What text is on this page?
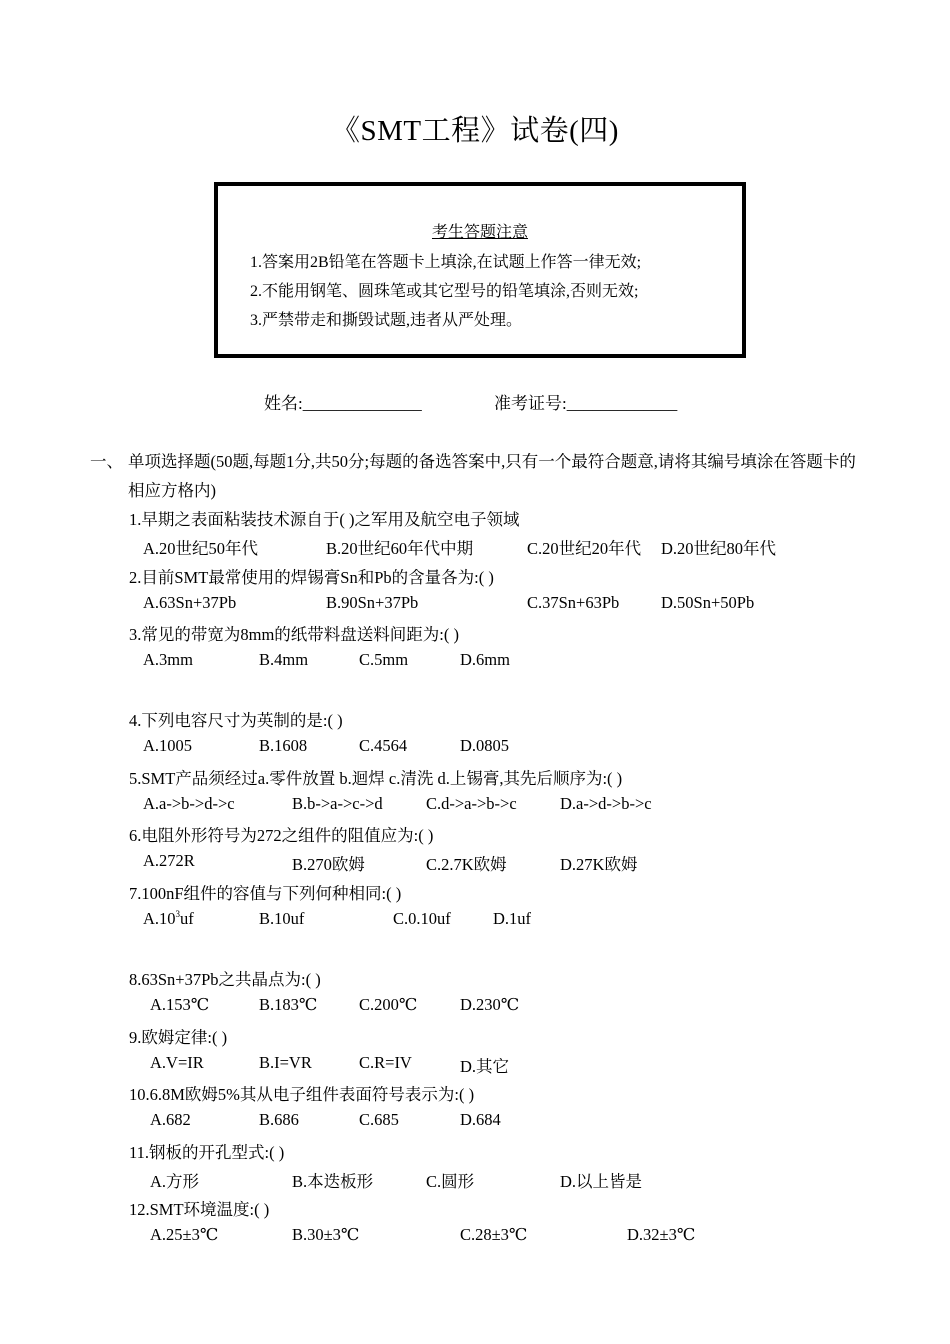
《SMT工程》试卷(四)
考生答题注意
1.答案用2B铅笔在答题卡上填涂,在试题上作答一律无效;
2.不能用钢笔、圆珠笔或其它型号的铅笔填涂,否则无效;
3.严禁带走和撕毁试题,违者从严处理。
姓名:______________	准考证号:_____________
一、 单项选择题(50题,每题1分,共50分;每题的备选答案中,只有一个最符合题意,请将其编号填涂在答题卡的相应方格内)
1.早期之表面粘装技术源自于( )之军用及航空电子领域
A.20世纪50年代	B.20世纪60年代中期	C.20世纪20年代 D.20世纪80年代
2.目前SMT最常使用的焊锡膏Sn和Pb的含量各为:( )
A.63Sn+37Pb	B.90Sn+37Pb	C.37Sn+63Pb	D.50Sn+50Pb
3.常见的带宽为8mm的纸带料盘送料间距为:( )
A.3mm	B.4mm	C.5mm	D.6mm
4.下列电容尺寸为英制的是:( )
A.1005	B.1608	C.4564	D.0805
5.SMT产品须经过a.零件放置 b.迴焊 c.清洗 d.上锡膏,其先后顺序为:( )
A.a->b->d->c	B.b->a->c->d	C.d->a->b->c	D.a->d->b->c
6.电阻外形符号为272之组件的阻值应为:( )
A.272R	B.270欧姆	C.2.7K欧姆	D.27K欧姆
7.100nF组件的容值与下列何种相同:( )
$A.10^3uf$	B.10uf	C.0.10uf	D.1uf
8.63Sn+37Pb之共晶点为:( )
A.153℃	B.183℃	C.200℃	D.230℃
9.欧姆定律:( )
A.V=IR	B.I=VR	C.R=IV	D.其它
10.6.8M欧姆5%其从电子组件表面符号表示为:( )
A.682	B.686	C.685	D.684
11.钢板的开孔型式:( )
A.方形	B.本迭板形	C.圆形	D.以上皆是
12.SMT环境温度:( )
A.25±3℃	B.30±3℃	C.28±3℃	D.32±3℃
